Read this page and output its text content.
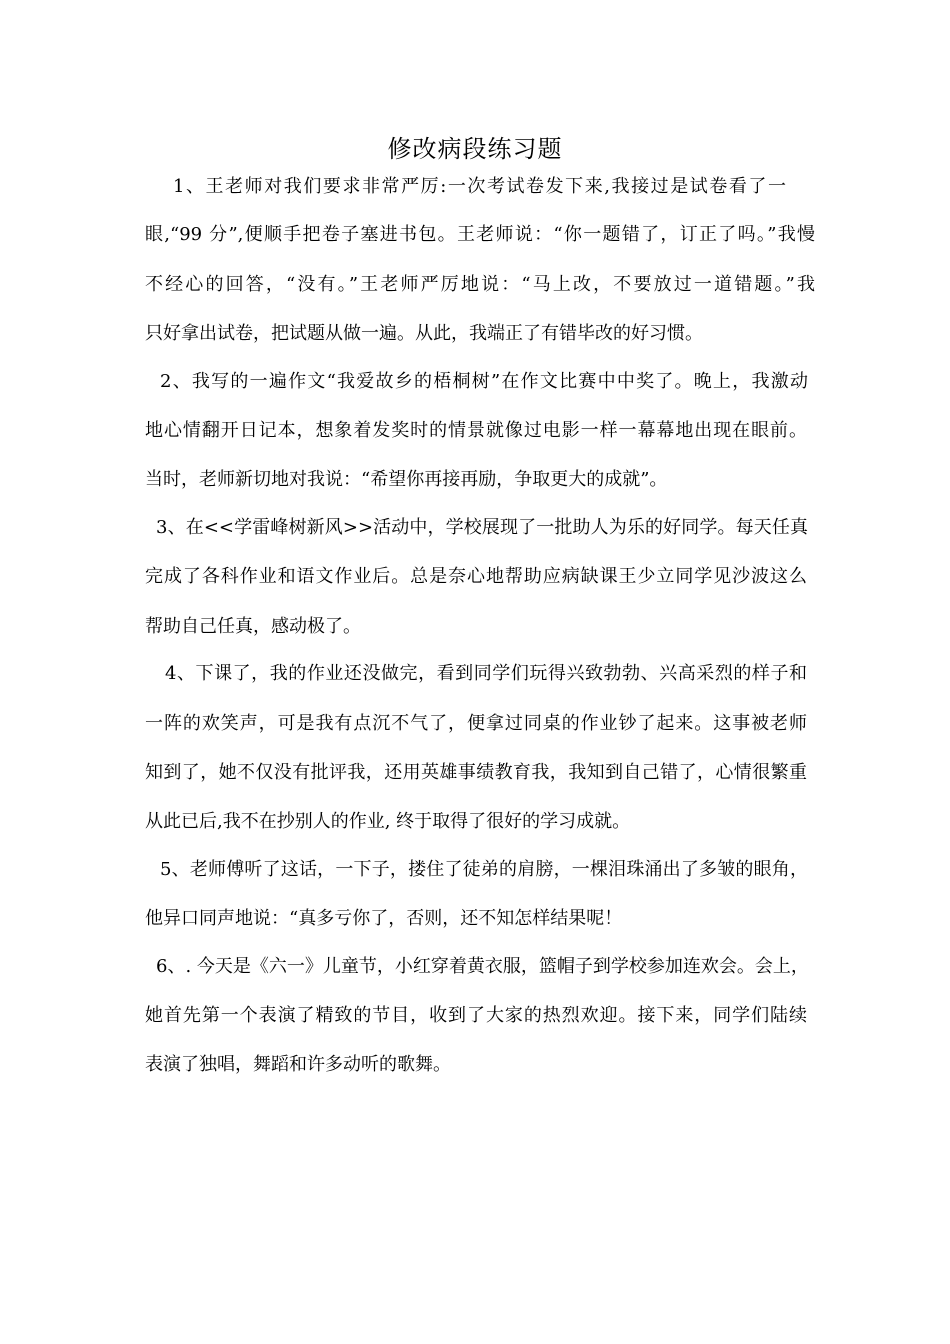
修改病段练习题
1、王老师对我们要求非常严厉:一次考试卷发下来,我接过是试卷看了一
眼,“99 分”,便顺手把卷子塞进书包。王老师说：“你一题错了，订正了吗。”我慢
不经心的回答，“没有。”王老师严厉地说：“马上改，不要放过一道错题。”我
只好拿出试卷，把试题从做一遍。从此，我端正了有错毕改的好习惯。
2、我写的一遍作文“我爱故乡的梧桐树”在作文比赛中中奖了。晚上，我激动
地心情翻开日记本，想象着发奖时的情景就像过电影一样一幕幕地出现在眼前。
当时，老师新切地对我说：“希望你再接再励，争取更大的成就”。
3、在<<学雷峰树新风>>活动中，学校展现了一批助人为乐的好同学。每天任真
完成了各科作业和语文作业后。总是奈心地帮助应病缺课王少立同学见沙波这么
帮助自己任真，感动极了。
4、下课了，我的作业还没做完，看到同学们玩得兴致勃勃、兴高采烈的样子和
一阵的欢笑声，可是我有点沉不气了，便拿过同桌的作业钞了起来。这事被老师
知到了，她不仅没有批评我，还用英雄事绩教育我，我知到自己错了，心情很繁重
从此已后,我不在抄别人的作业, 终于取得了很好的学习成就。
5、老师傅听了这话，一下子，搂住了徒弟的肩膀，一棵泪珠涌出了多皱的眼角，
他异口同声地说：“真多亏你了，否则，还不知怎样结果呢！
6、. 今天是《六一》儿童节，小红穿着黄衣服，篮帽子到学校参加连欢会。会上，
她首先第一个表演了精致的节目，收到了大家的热烈欢迎。接下来，同学们陆续
表演了独唱，舞蹈和许多动听的歌舞。
